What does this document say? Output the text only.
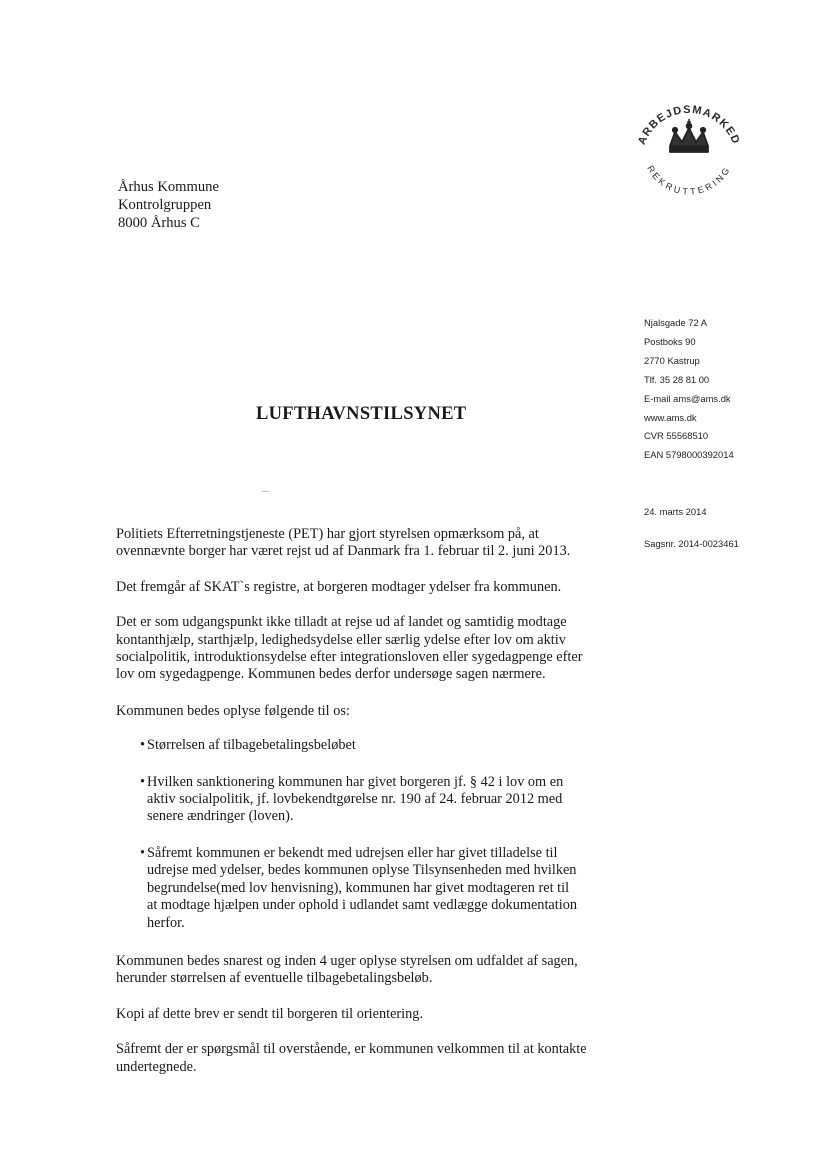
ARBEJDSMARKED
REKRUTTERING
Århus Kommune
Kontrolgruppen
8000 Århus C
Njalsgade 72 A
Postboks 90
2770 Kastrup
Tlf. 35 28 81 00
E-mail ams@ams.dk
www.ams.dk
CVR 55568510
EAN 5798000392014
24. marts 2014
Sagsnr. 2014-0023461
LUFTHAVNSTILSYNET

Politiets Efterretningstjeneste (PET) har gjort styrelsen opmærksom på, at
ovennævnte borger har været rejst ud af Danmark fra 1. februar til 2. juni 2013.

Det fremgår af SKAT`s registre, at borgeren modtager ydelser fra kommunen.

Det er som udgangspunkt ikke tilladt at rejse ud af landet og samtidig modtage
kontanthjælp, starthjælp, ledighedsydelse eller særlig ydelse efter lov om aktiv
socialpolitik, introduktionsydelse efter integrationsloven eller sygedagpenge efter
lov om sygedagpenge. Kommunen bedes derfor undersøge sagen nærmere.

Kommunen bedes oplyse følgende til os:

• Størrelsen af tilbagebetalingsbeløbet
• Hvilken sanktionering kommunen har givet borgeren jf. § 42 i lov om en
aktiv socialpolitik, jf. lovbekendtgørelse nr. 190 af 24. februar 2012 med
senere ændringer (loven).
• Såfremt kommunen er bekendt med udrejsen eller har givet tilladelse til
udrejse med ydelser, bedes kommunen oplyse Tilsynsenheden med hvilken
begrundelse(med lov henvisning), kommunen har givet modtageren ret til
at modtage hjælpen under ophold i udlandet samt vedlægge dokumentation
herfor.

Kommunen bedes snarest og inden 4 uger oplyse styrelsen om udfaldet af sagen,
herunder størrelsen af eventuelle tilbagebetalingsbeløb.

Kopi af dette brev er sendt til borgeren til orientering.

Såfremt der er spørgsmål til overstående, er kommunen velkommen til at kontakte
undertegnede.
